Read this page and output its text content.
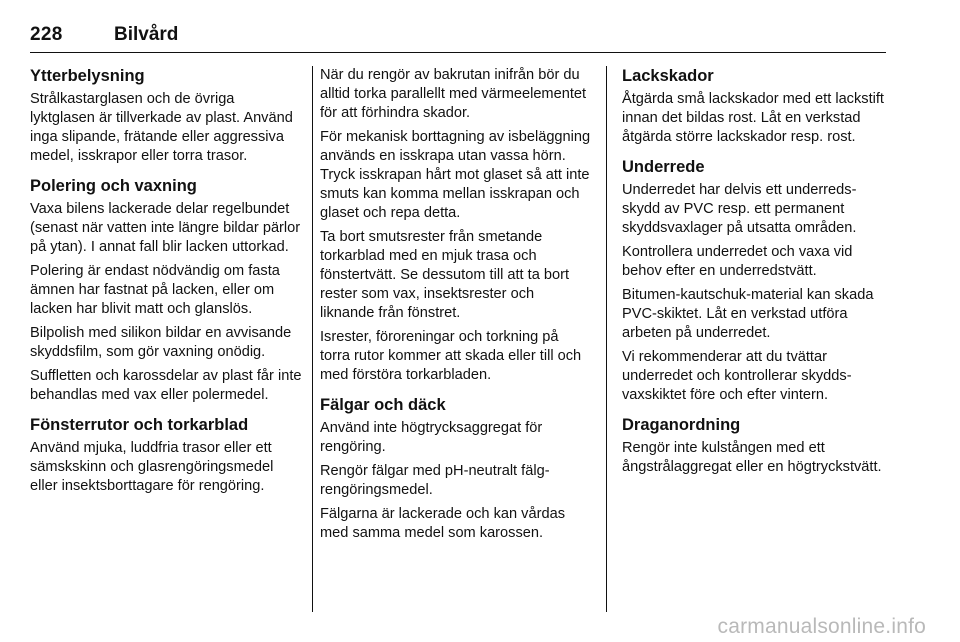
228	Bilvård
Ytterbelysning

Strålkastarglasen och de övriga lyktglasen är tillverkade av plast. Använd inga slipande, frätande eller aggressiva medel, isskrapor eller torra trasor.

Polering och vaxning

Vaxa bilens lackerade delar regelbundet (senast när vatten inte längre bildar pärlor på ytan). I annat fall blir lacken uttorkad.

Polering är endast nödvändig om fasta ämnen har fastnat på lacken, eller om lacken har blivit matt och glanslös.

Bilpolish med silikon bildar en avvisande skyddsfilm, som gör vaxning onödig.

Suffletten och karossdelar av plast får inte behandlas med vax eller polermedel.

Fönsterrutor och torkarblad

Använd mjuka, luddfria trasor eller ett sämskskinn och glasrengöringsmedel eller insektsborttagare för rengöring.

När du rengör av bakrutan inifrån bör du alltid torka parallellt med värmeelementet för att förhindra skador.

För mekanisk borttagning av isbeläggning används en isskrapa utan vassa hörn. Tryck isskrapan hårt mot glaset så att inte smuts kan komma mellan isskrapan och glaset och repa detta.

Ta bort smutsrester från smetande torkarblad med en mjuk trasa och fönstertvätt. Se dessutom till att ta bort rester som vax, insektsrester och liknande från fönstret.

Isrester, föroreningar och torkning på torra rutor kommer att skada eller till och med förstöra torkarbladen.

Fälgar och däck

Använd inte högtrycksaggregat för rengöring.

Rengör fälgar med pH-neutralt fälgrengöringsmedel.

Fälgarna är lackerade och kan vårdas med samma medel som karossen.

Lackskador

Åtgärda små lackskador med ett lackstift innan det bildas rost. Låt en verkstad åtgärda större lackskador resp. rost.

Underrede

Underredet har delvis ett underredsskydd av PVC resp. ett permanent skyddsvaxlager på utsatta områden.

Kontrollera underredet och vaxa vid behov efter en underredstvätt.

Bitumen-kautschuk-material kan skada PVC-skiktet. Låt en verkstad utföra arbeten på underredet.

Vi rekommenderar att du tvättar underredet och kontrollerar skyddsvaxskiktet före och efter vintern.

Draganordning

Rengör inte kulstången med ett ångstrålaggregat eller en högtryckstvätt.

carmanualsonline.info
